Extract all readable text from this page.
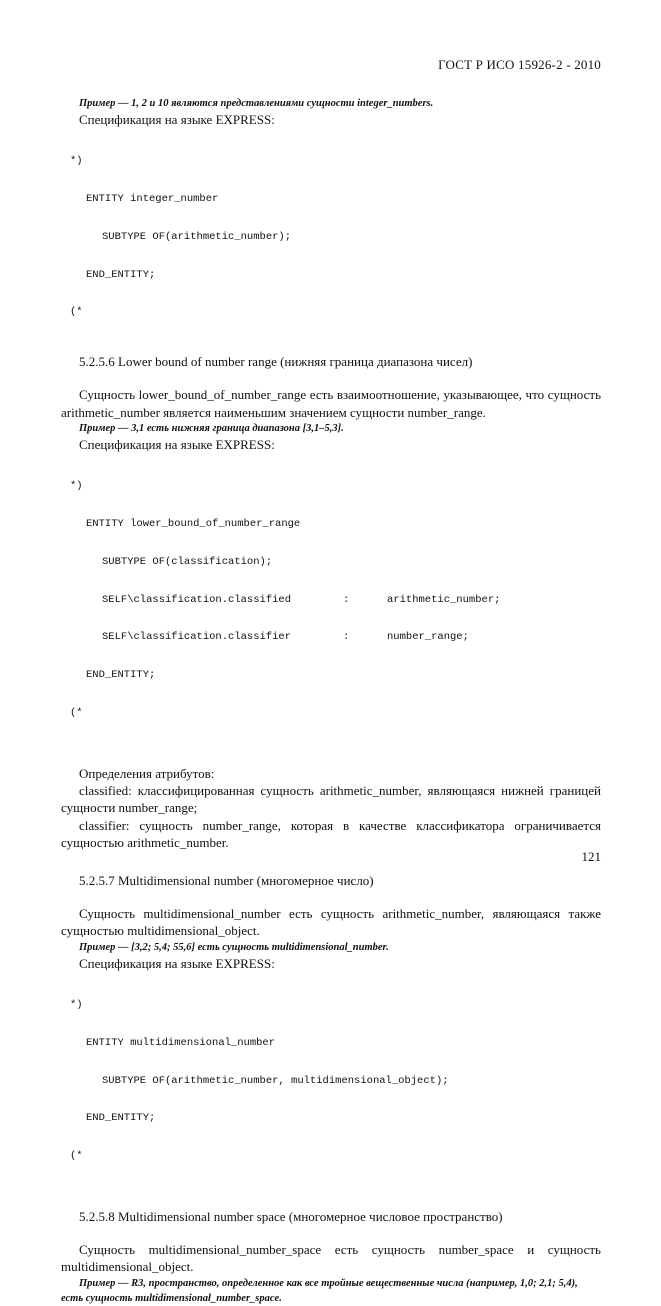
ГОСТ Р ИСО 15926-2 - 2010

Пример — 1, 2 и 10 являются представлениями сущности integer_numbers.

Спецификация на языке EXPRESS:

*)

ENTITY integer_number

SUBTYPE OF(arithmetic_number);

END_ENTITY;

(*

5.2.5.6 Lower bound of number range (нижняя граница диапазона чисел)

Сущность lower_bound_of_number_range есть взаимоотношение, указывающее, что сущность arithmetic_number является наименьшим значением сущности number_range.

Пример — 3,1 есть нижняя граница диапазона [3,1–5,3].

Спецификация на языке EXPRESS:

*)

ENTITY lower_bound_of_number_range

SUBTYPE OF(classification);

SELF\classification.classified	:	arithmetic_number;

SELF\classification.classifier	:	number_range;

END_ENTITY;

(*

Определения атрибутов:

classified: классифицированная сущность arithmetic_number, являющаяся нижней границей сущности number_range;

classifier: сущность number_range, которая в качестве классификатора ограничивается сущностью arithmetic_number.

5.2.5.7 Multidimensional number (многомерное число)

Сущность multidimensional_number есть сущность arithmetic_number, являющаяся также сущностью multidimensional_object.

Пример — [3,2; 5,4; 55,6] есть сущность multidimensional_number.

Спецификация на языке EXPRESS:

*)

ENTITY multidimensional_number

SUBTYPE OF(arithmetic_number, multidimensional_object);

END_ENTITY;

(*

5.2.5.8 Multidimensional number space (многомерное числовое пространство)

Сущность multidimensional_number_space есть сущность number_space и сущность multidimensional_object.

Пример — R3, пространство, определенное как все тройные вещественные числа (например, 1,0; 2,1; 5,4), есть сущность multidimensional_number_space.

121
